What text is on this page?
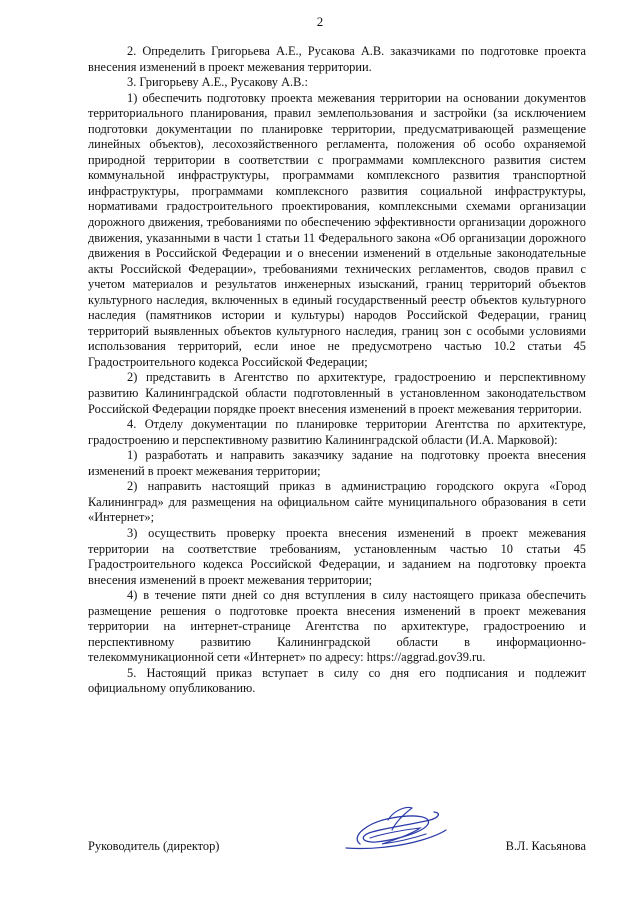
2

2. Определить Григорьева А.Е., Русакова А.В. заказчиками по подготовке проекта внесения изменений в проект межевания территории.

3. Григорьеву А.Е., Русакову А.В.:

1) обеспечить подготовку проекта межевания территории на основании документов территориального планирования, правил землепользования и застройки (за исключением подготовки документации по планировке территории, предусматривающей размещение линейных объектов), лесохозяйственного регламента, положения об особо охраняемой природной территории в соответствии с программами комплексного развития систем коммунальной инфраструктуры, программами комплексного развития транспортной инфраструктуры, программами комплексного развития социальной инфраструктуры, нормативами градостроительного проектирования, комплексными схемами организации дорожного движения, требованиями по обеспечению эффективности организации дорожного движения, указанными в части 1 статьи 11 Федерального закона «Об организации дорожного движения в Российской Федерации и о внесении изменений в отдельные законодательные акты Российской Федерации», требованиями технических регламентов, сводов правил с учетом материалов и результатов инженерных изысканий, границ территорий объектов культурного наследия, включенных в единый государственный реестр объектов культурного наследия (памятников истории и культуры) народов Российской Федерации, границ территорий выявленных объектов культурного наследия, границ зон с особыми условиями использования территорий, если иное не предусмотрено частью 10.2 статьи 45 Градостроительного кодекса Российской Федерации;

2) представить в Агентство по архитектуре, градостроению и перспективному развитию Калининградской области подготовленный в установленном законодательством Российской Федерации порядке проект внесения изменений в проект межевания территории.

4. Отделу документации по планировке территории Агентства по архитектуре, градостроению и перспективному развитию Калининградской области (И.А. Марковой):

1) разработать и направить заказчику задание на подготовку проекта внесения изменений в проект межевания территории;

2) направить настоящий приказ в администрацию городского округа «Город Калининград» для размещения на официальном сайте муниципального образования в сети «Интернет»;

3) осуществить проверку проекта внесения изменений в проект межевания территории на соответствие требованиям, установленным частью 10 статьи 45 Градостроительного кодекса Российской Федерации, и заданием на подготовку проекта внесения изменений в проект межевания территории;

4) в течение пяти дней со дня вступления в силу настоящего приказа обеспечить размещение решения о подготовке проекта внесения изменений в проект межевания территории на интернет-странице Агентства по архитектуре, градостроению и перспективному развитию Калининградской области в информационно-телекоммуникационной сети «Интернет» по адресу: https://aggrad.gov39.ru.

5. Настоящий приказ вступает в силу со дня его подписания и подлежит официальному опубликованию.

Руководитель (директор)	В.Л. Касьянова
